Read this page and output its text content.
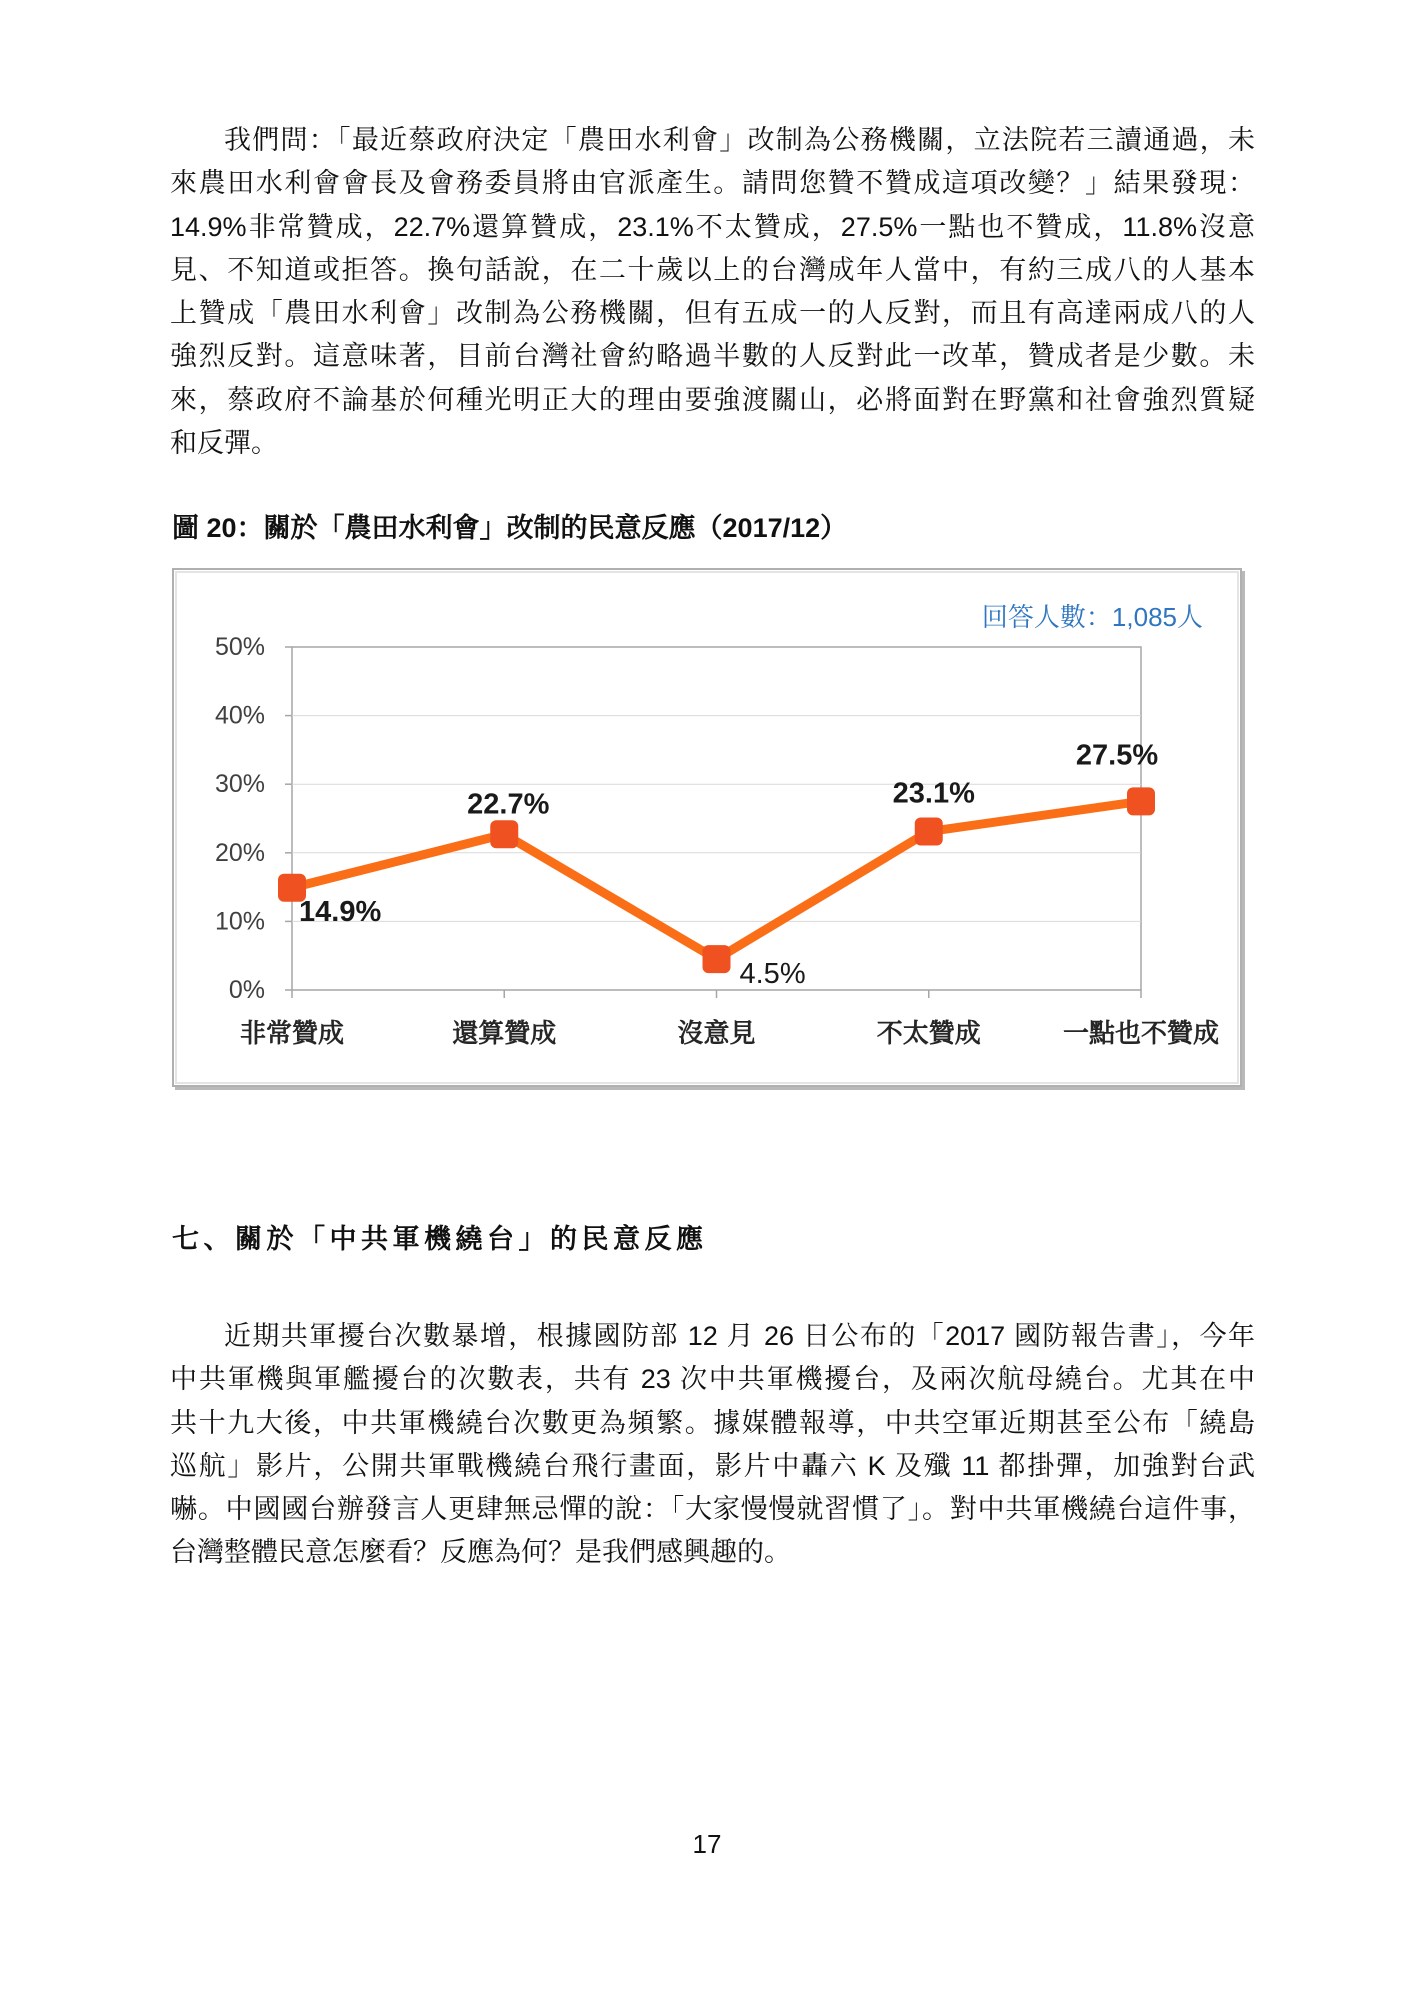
我們問：「最近蔡政府決定「農田水利會」改制為公務機關，立法院若三讀通過，未
來農田水利會會長及會務委員將由官派產生。請問您贊不贊成這項改變？」結果發現：
14.9%非常贊成，22.7%還算贊成，23.1%不太贊成，27.5%一點也不贊成，11.8%沒意
見、不知道或拒答。換句話說，在二十歲以上的台灣成年人當中，有約三成八的人基本
上贊成「農田水利會」改制為公務機關，但有五成一的人反對，而且有高達兩成八的人
強烈反對。這意味著，目前台灣社會約略過半數的人反對此一改革，贊成者是少數。未
來，蔡政府不論基於何種光明正大的理由要強渡關山，必將面對在野黨和社會強烈質疑
和反彈。
圖 20：關於「農田水利會」改制的民意反應（2017/12）
0%
10%
20%
30%
40%
50%
非常贊成	還算贊成	沒意見	不太贊成	一點也不贊成
14.9%
22.7%
4.5%
23.1%
27.5%
回答人數：1,085人
七、關於「中共軍機繞台」的民意反應
近期共軍擾台次數暴增，根據國防部 12 月 26 日公布的「2017 國防報告書」，今年
中共軍機與軍艦擾台的次數表，共有 23 次中共軍機擾台，及兩次航母繞台。尤其在中
共十九大後，中共軍機繞台次數更為頻繁。據媒體報導，中共空軍近期甚至公布「繞島
巡航」影片，公開共軍戰機繞台飛行畫面，影片中轟六 K 及殲 11 都掛彈，加強對台武
嚇。中國國台辦發言人更肆無忌憚的說：「大家慢慢就習慣了」。對中共軍機繞台這件事，
台灣整體民意怎麼看？反應為何？是我們感興趣的。
17
